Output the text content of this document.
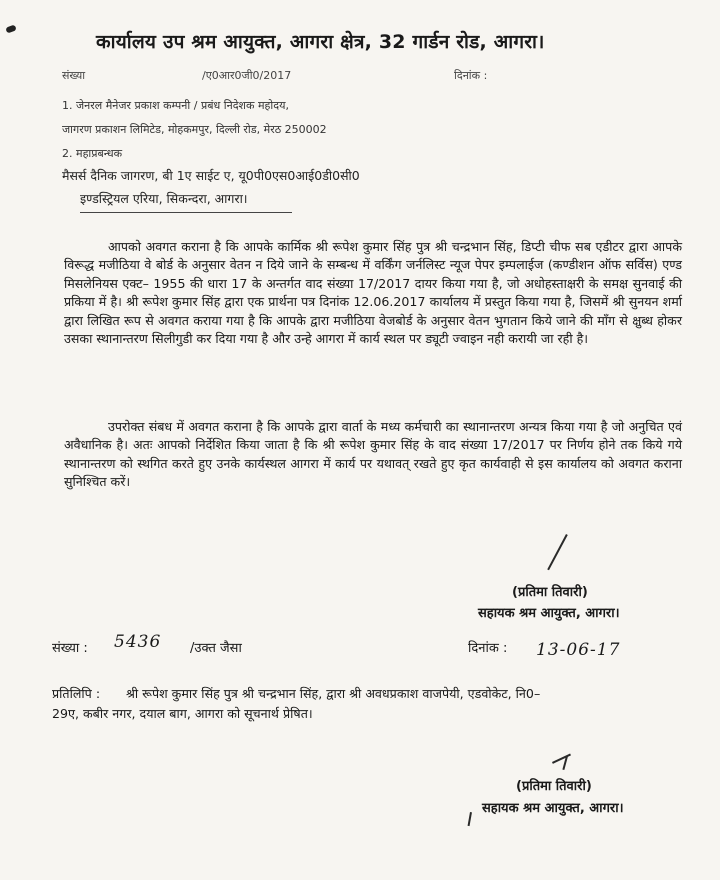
कार्यालय उप श्रम आयुक्त, आगरा क्षेत्र, 32 गार्डन रोड, आगरा।
संख्या	/ए0आर0जी0/2017	दिनांक :
1. जेनरल मैनेजर प्रकाश कम्पनी / प्रबंध निदेशक महोदय,
जागरण प्रकाशन लिमिटेड, मोहकमपुर, दिल्ली रोड, मेरठ 250002
2. महाप्रबन्धक
मैसर्स दैनिक जागरण, बी 1ए साईट ए, यू0पी0एस0आई0डी0सी0
इण्डस्ट्रियल एरिया, सिकन्दरा, आगरा।
आपको अवगत कराना है कि आपके कार्मिक श्री रूपेश कुमार सिंह पुत्र श्री चन्द्रभान सिंह, डिप्टी चीफ सब एडीटर द्वारा आपके विरूद्ध मजीठिया वे बोर्ड के अनुसार वेतन न दिये जाने के सम्बन्ध में वर्किंग जर्नलिस्ट न्यूज पेपर इम्पलाईज (कण्डीशन ऑफ सर्विस) एण्ड मिसलेनियस एक्ट– 1955 की धारा 17 के अन्तर्गत वाद संख्या 17/2017 दायर किया गया है, जो अधोहस्ताक्षरी के समक्ष सुनवाई की प्रकिया में है। श्री रूपेश कुमार सिंह द्वारा एक प्रार्थना पत्र दिनांक 12.06.2017 कार्यालय में प्रस्तुत किया गया है, जिसमें श्री सुनयन शर्मा द्वारा लिखित रूप से अवगत कराया गया है कि आपके द्वारा मजीठिया वेजबोर्ड के अनुसार वेतन भुगतान किये जाने की माँग से क्षुब्ध होकर उसका स्थानान्तरण सिलीगुडी कर दिया गया है और उन्हे आगरा में कार्य स्थल पर ड्यूटी ज्वाइन नही करायी जा रही है।
उपरोक्त संबध में अवगत कराना है कि आपके द्वारा वार्ता के मध्य कर्मचारी का स्थानान्तरण अन्यत्र किया गया है जो अनुचित एवं अवैधानिक है। अतः आपको निर्देशित किया जाता है कि श्री रूपेश कुमार सिंह के वाद संख्या 17/2017 पर निर्णय होने तक किये गये स्थानान्तरण को स्थगित करते हुए उनके कार्यस्थल आगरा में कार्य पर यथावत् रखते हुए कृत कार्यवाही से इस कार्यालय को अवगत कराना सुनिश्चित करें।
(प्रतिमा तिवारी)
सहायक श्रम आयुक्त, आगरा।
संख्या : 5436 /उक्त जैसा	दिनांक : 13-06-17
प्रतिलिपि : श्री रूपेश कुमार सिंह पुत्र श्री चन्द्रभान सिंह, द्वारा श्री अवधप्रकाश वाजपेयी, एडवोकेट, नि0–
29ए, कबीर नगर, दयाल बाग, आगरा को सूचनार्थ प्रेषित।
(प्रतिमा तिवारी)
सहायक श्रम आयुक्त, आगरा।
